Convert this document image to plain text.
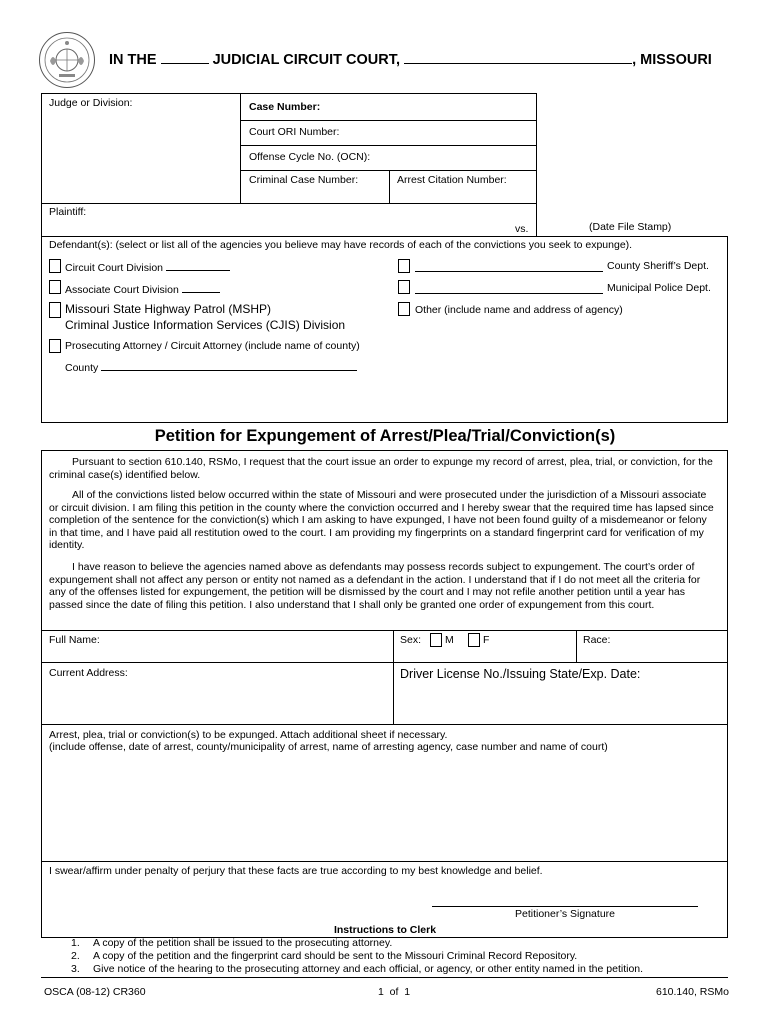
IN THE	JUDICIAL CIRCUIT COURT,	, MISSOURI
Judge or Division:	Case Number:
Court ORI Number:
Offense Cycle No. (OCN):
Criminal Case Number:	Arrest Citation Number:
Plaintiff:
vs.	(Date File Stamp)
Defendant(s): (select or list all of the agencies you believe may have records of each of the convictions you seek to expunge).
Circuit Court Division
Associate Court Division
Missouri State Highway Patrol (MSHP)
Criminal Justice Information Services (CJIS) Division
Prosecuting Attorney / Circuit Attorney (include name of county)
County
County Sheriff’s Dept.
Municipal Police Dept.
Other (include name and address of agency)
Petition for Expungement of Arrest/Plea/Trial/Conviction(s)

Pursuant to section 610.140, RSMo, I request that the court issue an order to expunge my record of arrest, plea, trial, or conviction, for the criminal case(s) identified below.

All of the convictions listed below occurred within the state of Missouri and were prosecuted under the jurisdiction of a Missouri associate or circuit division. I am filing this petition in the county where the conviction occurred and I hereby swear that the required time has lapsed since completion of the sentence for the conviction(s) which I am asking to have expunged, I have not been found guilty of a misdemeanor or felony in that time, and I have paid all restitution owed to the court. I am providing my fingerprints on a standard fingerprint card for verification of my identity.

I have reason to believe the agencies named above as defendants may possess records subject to expungement. The court’s order of expungement shall not affect any person or entity not named as a defendant in the action. I understand that if I do not meet all the criteria for any of the offenses listed for expungement, the petition will be dismissed by the court and I may not refile another petition until a year has passed since the date of filing this petition. I also understand that I shall only be granted one order of expungement from this court.

Full Name:	Sex: M	F	Race:
Current Address:	Driver License No./Issuing State/Exp. Date:
Arrest, plea, trial or conviction(s) to be expunged. Attach additional sheet if necessary.
(include offense, date of arrest, county/municipality of arrest, name of arresting agency, case number and name of court)
I swear/affirm under penalty of perjury that these facts are true according to my best knowledge and belief.
Petitioner’s Signature
Instructions to Clerk
1. A copy of the petition shall be issued to the prosecuting attorney.
2. A copy of the petition and the fingerprint card should be sent to the Missouri Criminal Record Repository.
3. Give notice of the hearing to the prosecuting attorney and each official, or agency, or other entity named in the petition.
OSCA (08-12) CR360	1  of  1	610.140, RSMo
